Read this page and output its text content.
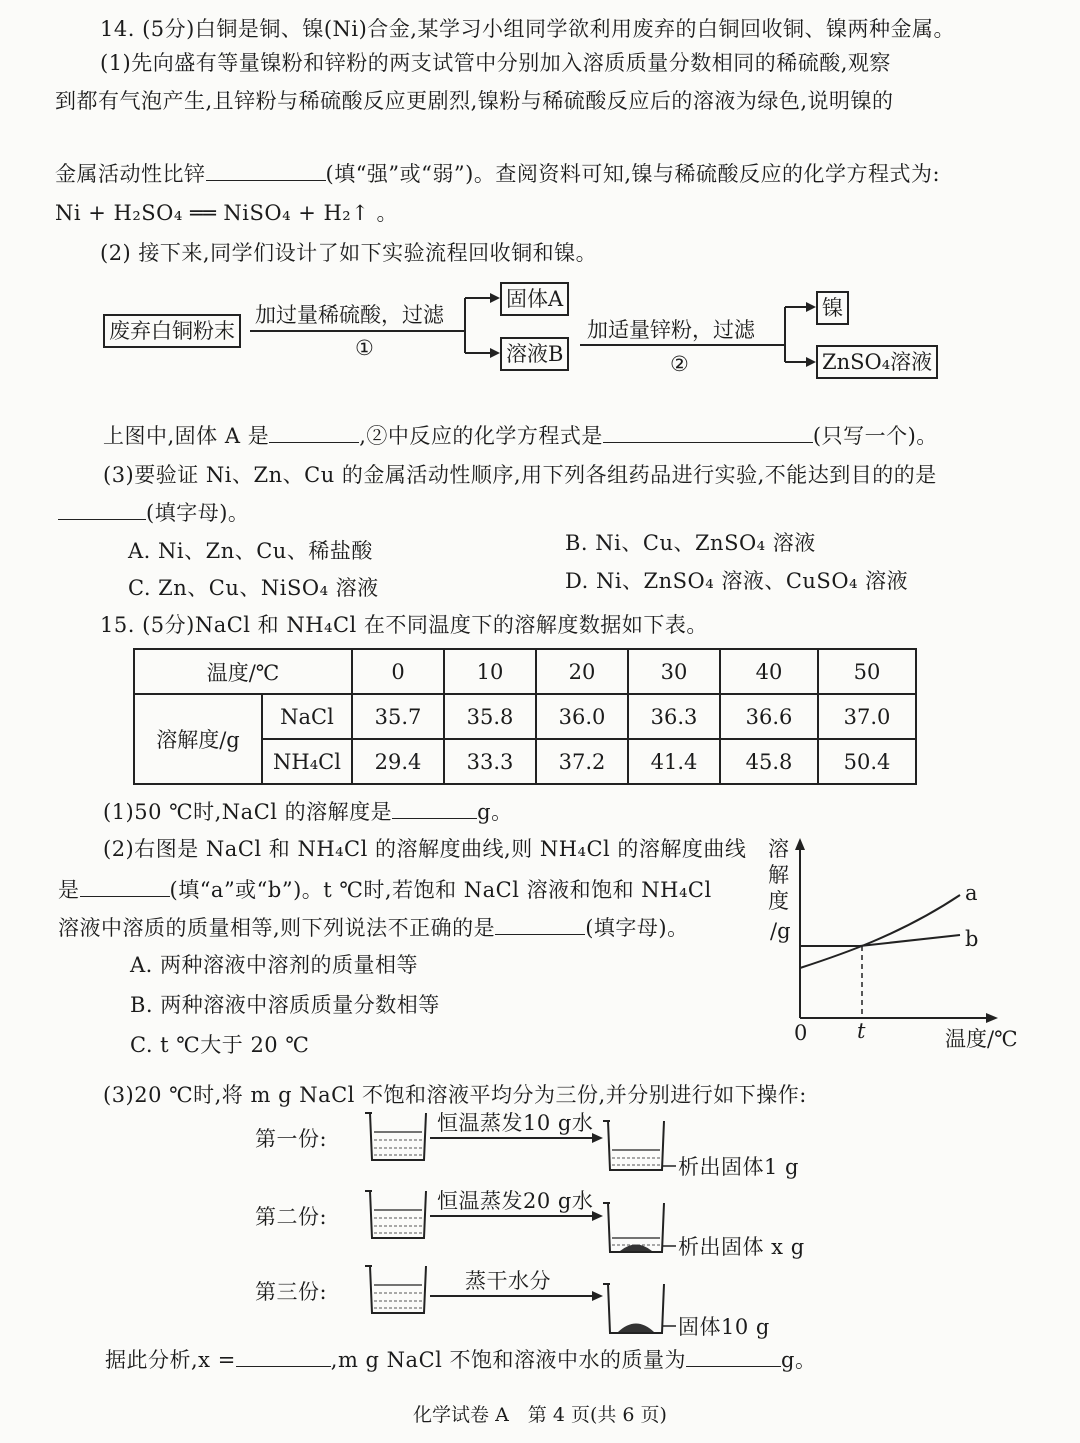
14. (5分)白铜是铜、镍(Ni)合金,某学习小组同学欲利用废弃的白铜回收铜、镍两种金属。
(1)先向盛有等量镍粉和锌粉的两支试管中分别加入溶质质量分数相同的稀硫酸,观察
到都有气泡产生,且锌粉与稀硫酸反应更剧烈,镍粉与稀硫酸反应后的溶液为绿色,说明镍的
金属活动性比锌	(填“强”或“弱”)。查阅资料可知,镍与稀硫酸反应的化学方程式为:
Ni + H₂SO₄ ══ NiSO₄ + H₂↑ 。
(2) 接下来,同学们设计了如下实验流程回收铜和镍。
废弃白铜粉末
加过量稀硫酸，过滤
①
固体A
溶液B
加适量锌粉，过滤
②
镍
ZnSO₄溶液
上图中,固体 A 是	,②中反应的化学方程式是	(只写一个)。
(3)要验证 Ni、Zn、Cu 的金属活动性顺序,用下列各组药品进行实验,不能达到目的的是
(填字母)。
A. Ni、Zn、Cu、稀盐酸	B. Ni、Cu、ZnSO₄ 溶液
C. Zn、Cu、NiSO₄ 溶液	D. Ni、ZnSO₄ 溶液、CuSO₄ 溶液
15. (5分)NaCl 和 NH₄Cl 在不同温度下的溶解度数据如下表。
温度/℃		0	10	20	30	40	50
溶解度/g	NaCl	35.7	35.8	36.0	36.3	36.6	37.0
	NH₄Cl	29.4	33.3	37.2	41.4	45.8	50.4
(1)50 ℃时,NaCl 的溶解度是	g。
(2)右图是 NaCl 和 NH₄Cl 的溶解度曲线,则 NH₄Cl 的溶解度曲线
是	(填“a”或“b”)。t ℃时,若饱和 NaCl 溶液和饱和 NH₄Cl
溶液中溶质的质量相等,则下列说法不正确的是	(填字母)。
A. 两种溶液中溶剂的质量相等
B. 两种溶液中溶质质量分数相等
C. t ℃大于 20 ℃
溶
解
度
/g
a
b
0 t	温度/℃
(3)20 ℃时,将 m g NaCl 不饱和溶液平均分为三份,并分别进行如下操作:
第一份:
恒温蒸发10 g水
析出固体1 g
第二份:
恒温蒸发20 g水
析出固体 x g
第三份:	蒸干水分
固体10 g
据此分析,x =	,m g NaCl 不饱和溶液中水的质量为	g。
化学试卷 A　第 4 页(共 6 页)
